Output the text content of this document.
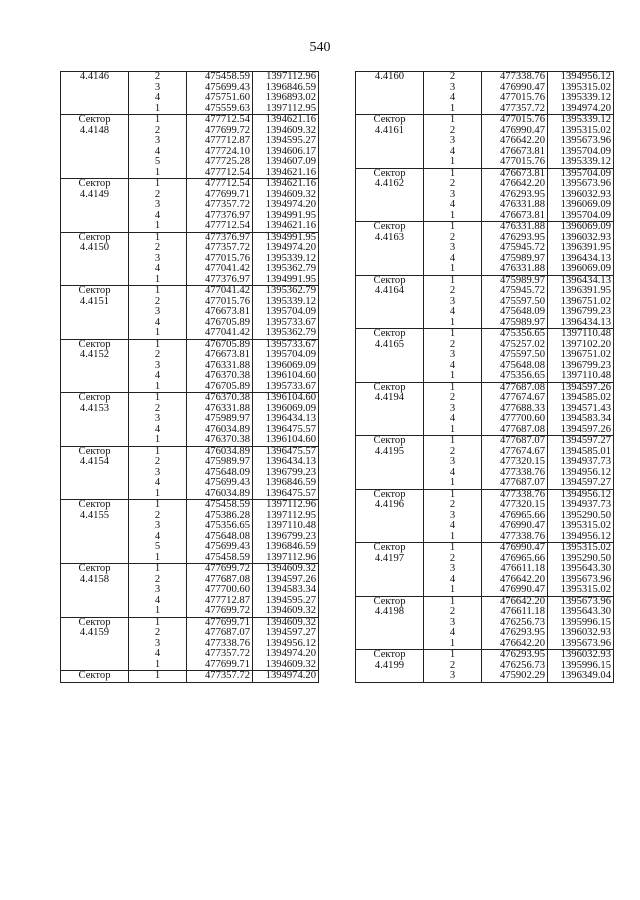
540
4.4146	2	475458.59	1397112.96
	3	475699.43	1396846.59
	4	475751.60	1396893.02
	1	475559.63	1397112.95
Сектор	1	477712.54	1394621.16
4.4148	2	477699.72	1394609.32
	3	477712.87	1394595.27
	4	477724.10	1394606.17
	5	477725.28	1394607.09
	1	477712.54	1394621.16
Сектор	1	477712.54	1394621.16
4.4149	2	477699.71	1394609.32
	3	477357.72	1394974.20
	4	477376.97	1394991.95
	1	477712.54	1394621.16
Сектор	1	477376.97	1394991.95
4.4150	2	477357.72	1394974.20
	3	477015.76	1395339.12
	4	477041.42	1395362.79
	1	477376.97	1394991.95
Сектор	1	477041.42	1395362.79
4.4151	2	477015.76	1395339.12
	3	476673.81	1395704.09
	4	476705.89	1395733.67
	1	477041.42	1395362.79
Сектор	1	476705.89	1395733.67
4.4152	2	476673.81	1395704.09
	3	476331.88	1396069.09
	4	476370.38	1396104.60
	1	476705.89	1395733.67
Сектор	1	476370.38	1396104.60
4.4153	2	476331.88	1396069.09
	3	475989.97	1396434.13
	4	476034.89	1396475.57
	1	476370.38	1396104.60
Сектор	1	476034.89	1396475.57
4.4154	2	475989.97	1396434.13
	3	475648.09	1396799.23
	4	475699.43	1396846.59
	1	476034.89	1396475.57
Сектор	1	475458.59	1397112.96
4.4155	2	475386.28	1397112.95
	3	475356.65	1397110.48
	4	475648.08	1396799.23
	5	475699.43	1396846.59
	1	475458.59	1397112.96
Сектор	1	477699.72	1394609.32
4.4158	2	477687.08	1394597.26
	3	477700.60	1394583.34
	4	477712.87	1394595.27
	1	477699.72	1394609.32
Сектор	1	477699.71	1394609.32
4.4159	2	477687.07	1394597.27
	3	477338.76	1394956.12
	4	477357.72	1394974.20
	1	477699.71	1394609.32
Сектор	1	477357.72	1394974.20
4.4160	2	477338.76	1394956.12
	3	476990.47	1395315.02
	4	477015.76	1395339.12
	1	477357.72	1394974.20
Сектор	1	477015.76	1395339.12
4.4161	2	476990.47	1395315.02
	3	476642.20	1395673.96
	4	476673.81	1395704.09
	1	477015.76	1395339.12
Сектор	1	476673.81	1395704.09
4.4162	2	476642.20	1395673.96
	3	476293.95	1396032.93
	4	476331.88	1396069.09
	1	476673.81	1395704.09
Сектор	1	476331.88	1396069.09
4.4163	2	476293.95	1396032.93
	3	475945.72	1396391.95
	4	475989.97	1396434.13
	1	476331.88	1396069.09
Сектор	1	475989.97	1396434.13
4.4164	2	475945.72	1396391.95
	3	475597.50	1396751.02
	4	475648.09	1396799.23
	1	475989.97	1396434.13
Сектор	1	475356.65	1397110.48
4.4165	2	475257.02	1397102.20
	3	475597.50	1396751.02
	4	475648.08	1396799.23
	1	475356.65	1397110.48
Сектор	1	477687.08	1394597.26
4.4194	2	477674.67	1394585.02
	3	477688.33	1394571.43
	4	477700.60	1394583.34
	1	477687.08	1394597.26
Сектор	1	477687.07	1394597.27
4.4195	2	477674.67	1394585.01
	3	477320.15	1394937.73
	4	477338.76	1394956.12
	1	477687.07	1394597.27
Сектор	1	477338.76	1394956.12
4.4196	2	477320.15	1394937.73
	3	476965.66	1395290.50
	4	476990.47	1395315.02
	1	477338.76	1394956.12
Сектор	1	476990.47	1395315.02
4.4197	2	476965.66	1395290.50
	3	476611.18	1395643.30
	4	476642.20	1395673.96
	1	476990.47	1395315.02
Сектор	1	476642.20	1395673.96
4.4198	2	476611.18	1395643.30
	3	476256.73	1395996.15
	4	476293.95	1396032.93
	1	476642.20	1395673.96
Сектор	1	476293.95	1396032.93
4.4199	2	476256.73	1395996.15
	3	475902.29	1396349.04
